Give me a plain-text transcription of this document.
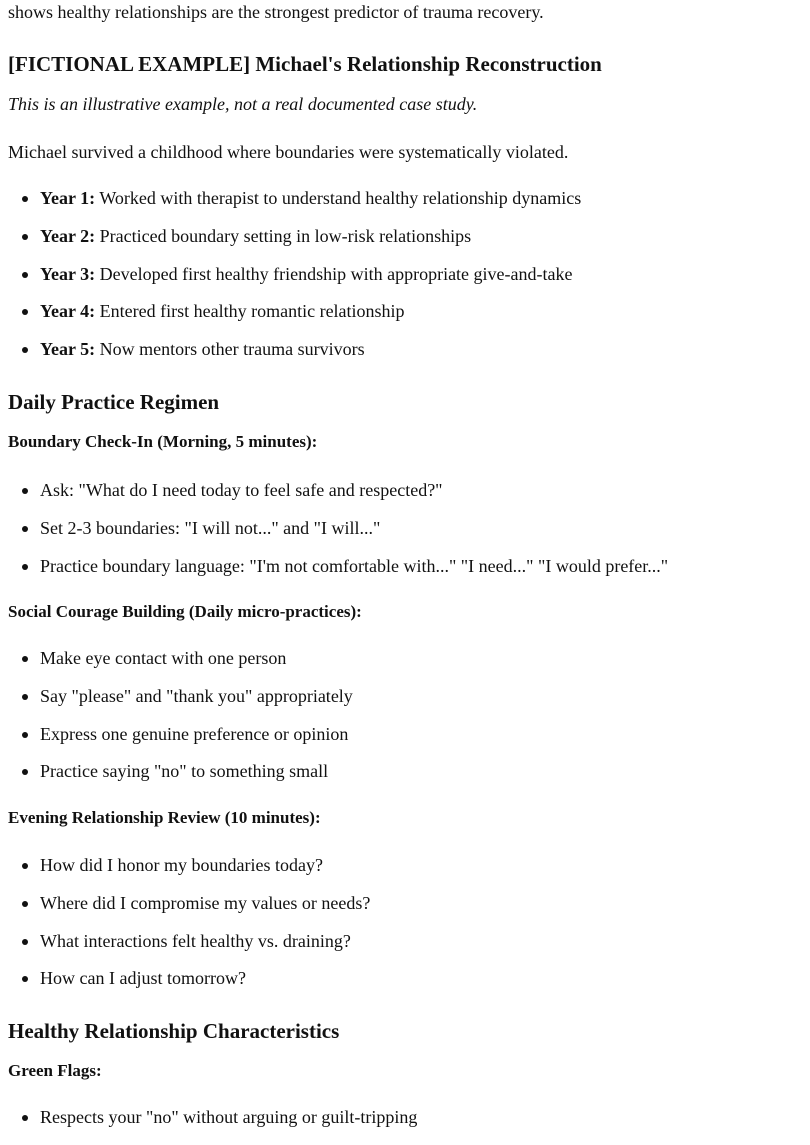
shows healthy relationships are the strongest predictor of trauma recovery.

[FICTIONAL EXAMPLE] Michael's Relationship Reconstruction

This is an illustrative example, not a real documented case study.

Michael survived a childhood where boundaries were systematically violated.

Year 1: Worked with therapist to understand healthy relationship dynamics
Year 2: Practiced boundary setting in low-risk relationships
Year 3: Developed first healthy friendship with appropriate give-and-take
Year 4: Entered first healthy romantic relationship
Year 5: Now mentors other trauma survivors
Daily Practice Regimen
Boundary Check-In (Morning, 5 minutes):
Ask: "What do I need today to feel safe and respected?"
Set 2-3 boundaries: "I will not..." and "I will..."
Practice boundary language: "I'm not comfortable with..." "I need..." "I would prefer..."
Social Courage Building (Daily micro-practices):
Make eye contact with one person
Say "please" and "thank you" appropriately
Express one genuine preference or opinion
Practice saying "no" to something small
Evening Relationship Review (10 minutes):
How did I honor my boundaries today?
Where did I compromise my values or needs?
What interactions felt healthy vs. draining?
How can I adjust tomorrow?
Healthy Relationship Characteristics
Green Flags:
Respects your "no" without arguing or guilt-tripping
